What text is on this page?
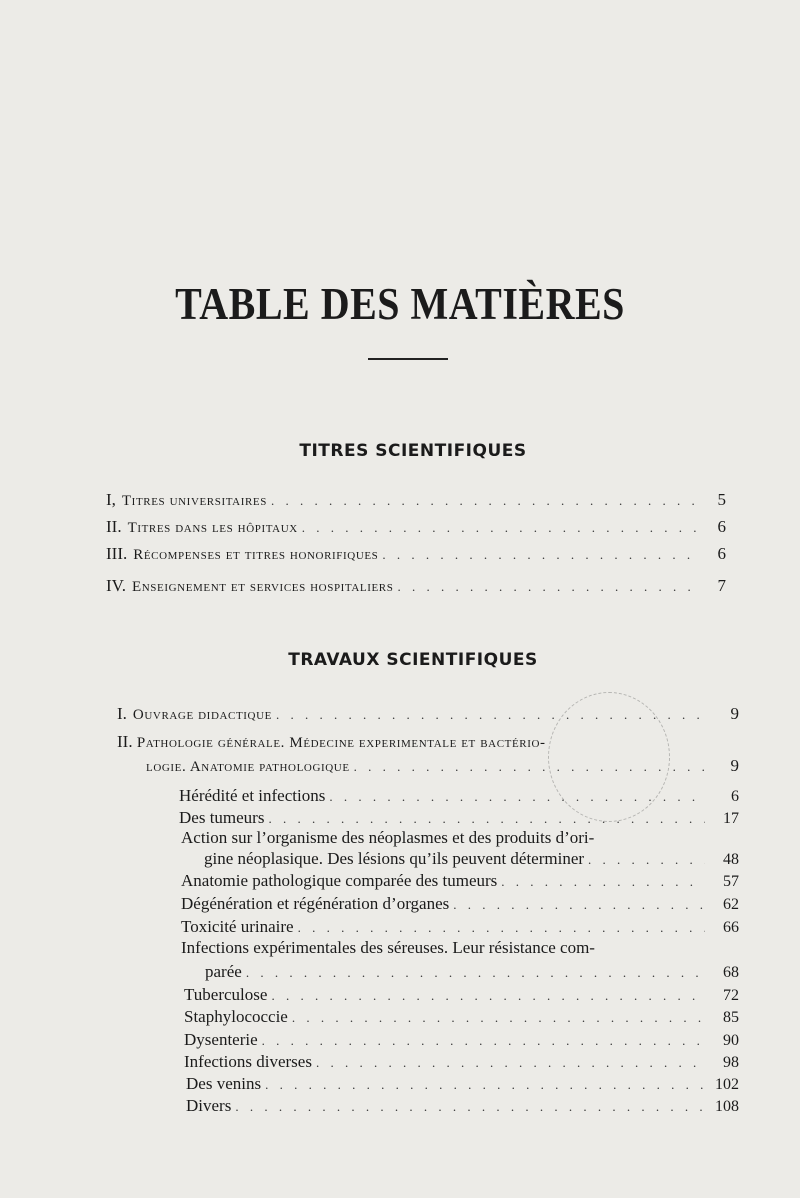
TABLE DES MATIÈRES
TITRES SCIENTIFIQUES
I, Titres universitaires . . .	5
II. Titres dans les hôpitaux . . .	6
III. Récompenses et titres honorifiques . . .	6
IV. Enseignement et services hospitaliers . . .	7
TRAVAUX SCIENTIFIQUES
I. Ouvrage didactique . . .	9
II. Pathologie générale. Médecine experimentale et bactério-
logie. Anatomie pathologique . . .	9
Hérédité et infections . . .	6
Des tumeurs . . .	17
Action sur l’organisme des néoplasmes et des produits d’ori-
gine néoplasique. Des lésions qu’ils peuvent déterminer . . .	48
Anatomie pathologique comparée des tumeurs . . .	57
Dégénération et régénération d’organes . . .	62
Toxicité urinaire . . .	66
Infections expérimentales des séreuses. Leur résistance com-
parée . . .	68
Tuberculose . . .	72
Staphylococcie . . .	85
Dysenterie . . .	90
Infections diverses . . .	98
Des venins . . .	102
Divers . . .	108
